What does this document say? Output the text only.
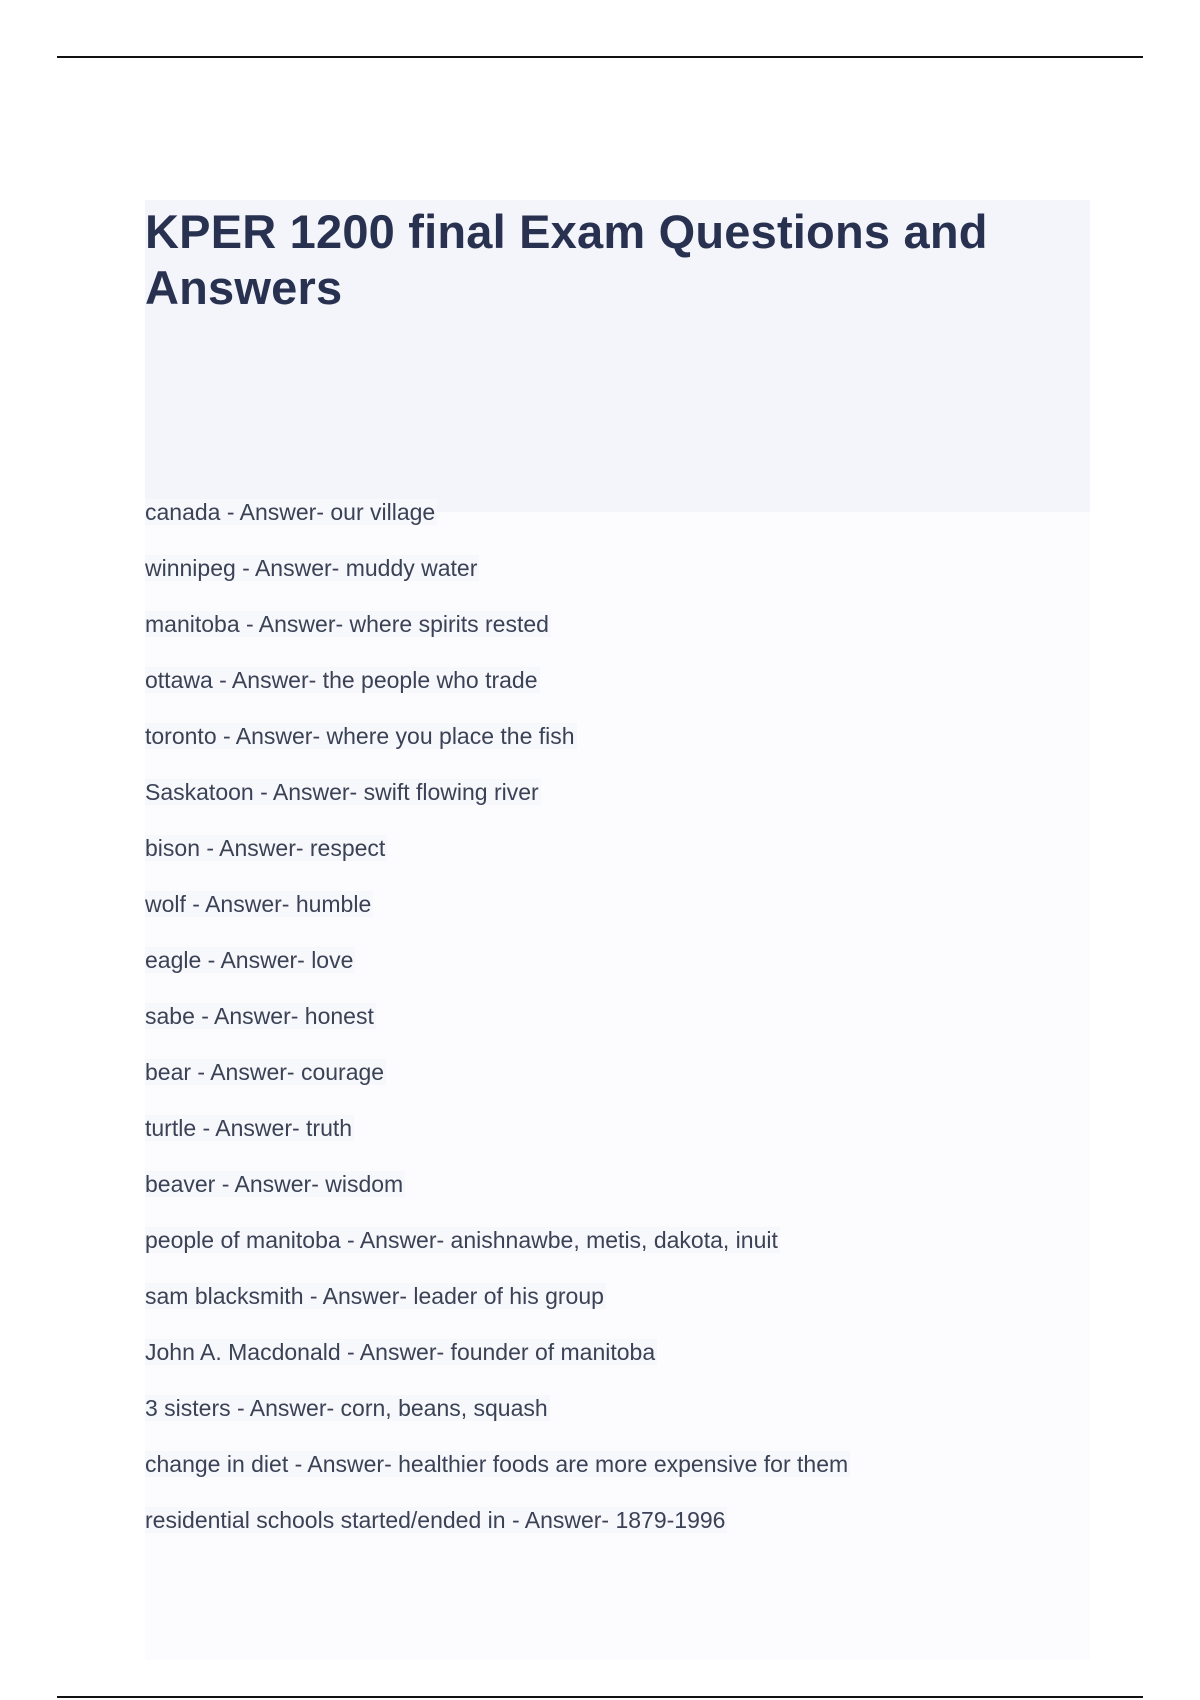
KPER 1200 final Exam Questions and Answers
canada - Answer- our village
winnipeg - Answer- muddy water
manitoba - Answer- where spirits rested
ottawa - Answer- the people who trade
toronto - Answer- where you place the fish
Saskatoon - Answer- swift flowing river
bison - Answer- respect
wolf - Answer- humble
eagle - Answer- love
sabe - Answer- honest
bear - Answer- courage
turtle - Answer- truth
beaver - Answer- wisdom
people of manitoba - Answer- anishnawbe, metis, dakota, inuit
sam blacksmith - Answer- leader of his group
John A. Macdonald - Answer- founder of manitoba
3 sisters - Answer- corn, beans, squash
change in diet - Answer- healthier foods are more expensive for them
residential schools started/ended in - Answer- 1879-1996
